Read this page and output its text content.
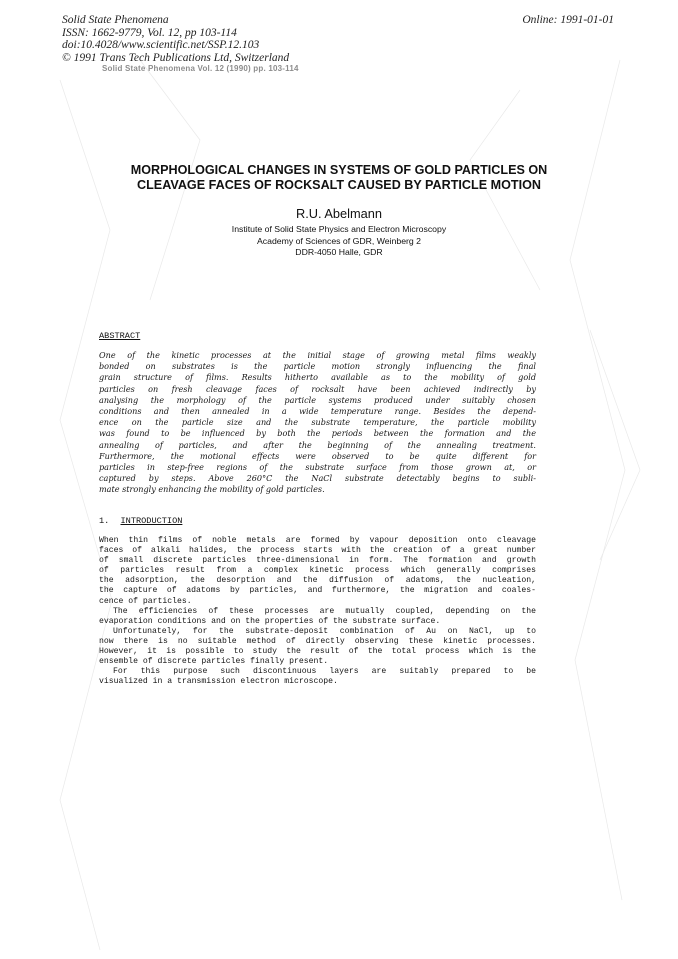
Solid State Phenomena
ISSN: 1662-9779, Vol. 12, pp 103-114
doi:10.4028/www.scientific.net/SSP.12.103
© 1991 Trans Tech Publications Ltd, Switzerland
Online: 1991-01-01
Solid State Phenomena Vol. 12 (1990) pp. 103-114
MORPHOLOGICAL CHANGES IN SYSTEMS OF GOLD PARTICLES ON
CLEAVAGE FACES OF ROCKSALT CAUSED BY PARTICLE MOTION
R.U. Abelmann
Institute of Solid State Physics and Electron Microscopy
Academy of Sciences of GDR, Weinberg 2
DDR-4050 Halle, GDR
ABSTRACT
One of the kinetic processes at the initial stage of growing metal films weakly
bonded on substrates is the particle motion strongly influencing the final
grain structure of films. Results hitherto available as to the mobility of gold
particles on fresh cleavage faces of rocksalt have been achieved indirectly by
analysing the morphology of the particle systems produced under suitably chosen
conditions and then annealed in a wide temperature range. Besides the depend-
ence on the particle size and the substrate temperature, the particle mobility
was found to be influenced by both the periods between the formation and the
annealing of particles, and after the beginning of the annealing treatment.
Furthermore, the motional effects were observed to be quite different for
particles in step-free regions of the substrate surface from those grown at, or
captured by steps. Above 260°C the NaCl substrate detectably begins to subli-
mate strongly enhancing the mobility of gold particles.
1. INTRODUCTION
When thin films of noble metals are formed by vapour deposition onto cleavage
faces of alkali halides, the process starts with the creation of a great number
of small discrete particles three-dimensional in form. The formation and growth
of particles result from a complex kinetic process which generally comprises
the adsorption, the desorption and the diffusion of adatoms, the nucleation,
the capture of adatoms by particles, and furthermore, the migration and coales-
cence of particles.
The efficiencies of these processes are mutually coupled, depending on the
evaporation conditions and on the properties of the substrate surface.
Unfortunately, for the substrate-deposit combination of Au on NaCl, up to
now there is no suitable method of directly observing these kinetic processes.
However, it is possible to study the result of the total process which is the
ensemble of discrete particles finally present.
For this purpose such discontinuous layers are suitably prepared to be
visualized in a transmission electron microscope.
